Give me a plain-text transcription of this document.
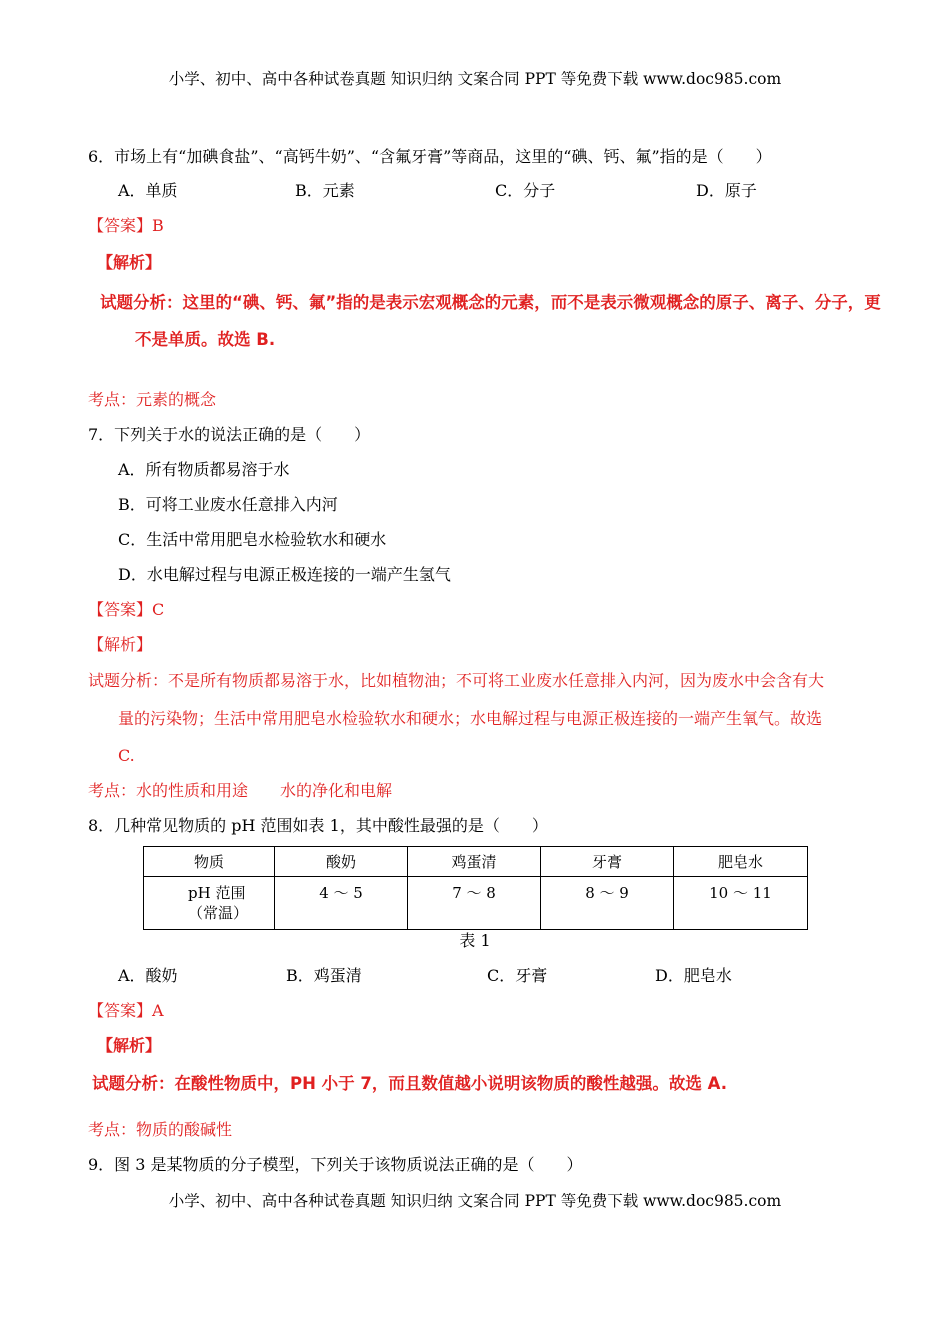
小学、初中、高中各种试卷真题 知识归纳 文案合同 PPT 等免费下载 www.doc985.com
6．市场上有“加碘食盐”、“高钙牛奶”、“含氟牙膏”等商品，这里的“碘、钙、氟”指的是（　　）
A．单质	B．元素	C．分子	D．原子
【答案】B
【解析】
试题分析：这里的“碘、钙、氟”指的是表示宏观概念的元素，而不是表示微观概念的原子、离子、分子，更
不是单质。故选 B.
考点：元素的概念
7．下列关于水的说法正确的是（　　）
A．所有物质都易溶于水
B．可将工业废水任意排入内河
C．生活中常用肥皂水检验软水和硬水
D．水电解过程与电源正极连接的一端产生氢气
【答案】C
【解析】
试题分析：不是所有物质都易溶于水，比如植物油；不可将工业废水任意排入内河，因为废水中会含有大
量的污染物；生活中常用肥皂水检验软水和硬水；水电解过程与电源正极连接的一端产生氧气。故选
C.
考点：水的性质和用途　　水的净化和电解
8．几种常见物质的 pH 范围如表 1，其中酸性最强的是（　　）
物质	酸奶	鸡蛋清	牙膏	肥皂水
pH 范围（常温）	4 ～ 5	7 ～ 8	8 ～ 9	10 ～ 11
表 1
A．酸奶	B．鸡蛋清	C．牙膏	D．肥皂水
【答案】A
【解析】
试题分析：在酸性物质中，PH 小于 7，而且数值越小说明该物质的酸性越强。故选 A.
考点：物质的酸碱性
9．图 3 是某物质的分子模型，下列关于该物质说法正确的是（　　）
小学、初中、高中各种试卷真题 知识归纳 文案合同 PPT 等免费下载 www.doc985.com
